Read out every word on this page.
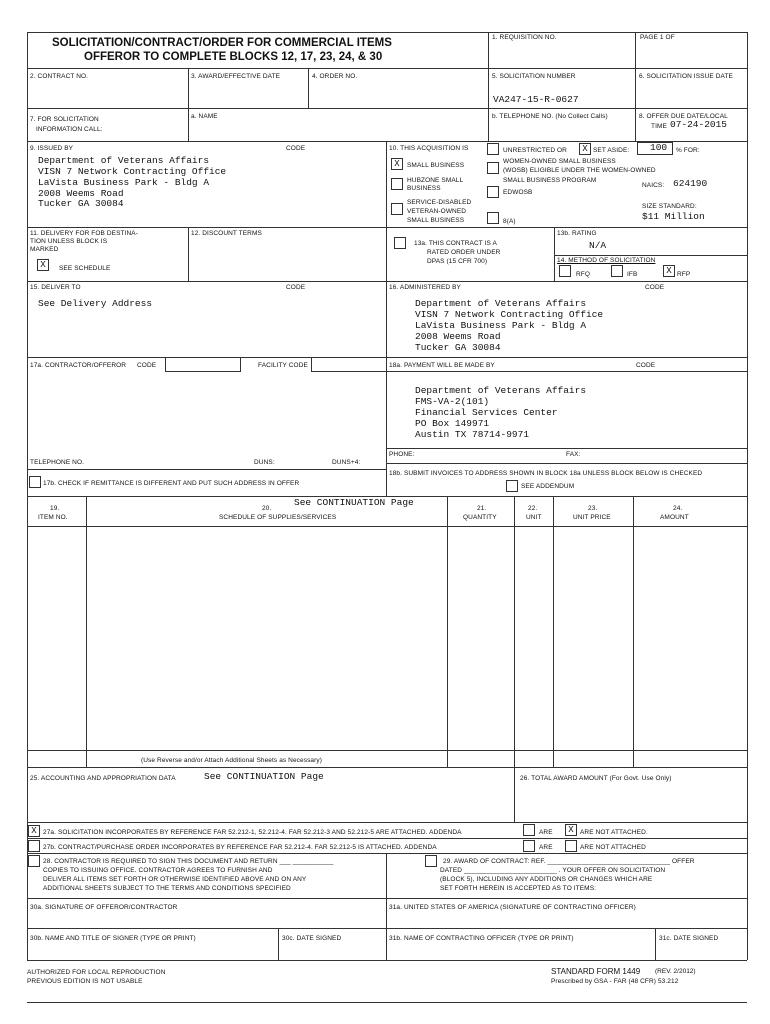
SOLICITATION/CONTRACT/ORDER FOR COMMERCIAL ITEMS
OFFEROR TO COMPLETE BLOCKS 12, 17, 23, 24, & 30
1. REQUISITION NO.	PAGE 1 OF
2. CONTRACT NO.	3. AWARD/EFFECTIVE DATE	4. ORDER NO.	5. SOLICITATION NUMBER	6. SOLICITATION ISSUE DATE
VA247-15-R-0627
7. FOR SOLICITATION
INFORMATION CALL:
a. NAME	b. TELEPHONE NO. (No Collect Calls)	8. OFFER DUE DATE/LOCAL
TIME 07-24-2015
9. ISSUED BY	CODE
Department of Veterans Affairs
VISN 7 Network Contracting Office
LaVista Business Park - Bldg A
2008 Weems Road
Tucker GA 30084
10. THIS ACQUISITION IS	UNRESTRICTED OR	X SET ASIDE: 100 % FOR:
X	SMALL BUSINESS
HUBZONE SMALL
BUSINESS
SERVICE-DISABLED
VETERAN-OWNED
SMALL BUSINESS
WOMEN-OWNED SMALL BUSINESS
(WOSB) ELIGIBLE UNDER THE WOMEN-OWNED
SMALL BUSINESS PROGRAM
EDWOSB
8(A)
NAICS: 624190
SIZE STANDARD:
$11 Million
11. DELIVERY FOR FOB DESTINA-
TION UNLESS BLOCK IS
MARKED
X	SEE SCHEDULE
12. DISCOUNT TERMS
13a. THIS CONTRACT IS A
RATED ORDER UNDER
DPAS (15 CFR 700)
13b. RATING
N/A
14. METHOD OF SOLICITATION
RFQ	IFB	X RFP
15. DELIVER TO	CODE
See Delivery Address
16. ADMINISTERED BY	CODE
Department of Veterans Affairs
VISN 7 Network Contracting Office
LaVista Business Park - Bldg A
2008 Weems Road
Tucker GA 30084
17a. CONTRACTOR/OFFEROR CODE	FACILITY CODE
TELEPHONE NO.	DUNS:	DUNS+4:
17b. CHECK IF REMITTANCE IS DIFFERENT AND PUT SUCH ADDRESS IN OFFER
18a. PAYMENT WILL BE MADE BY	CODE
Department of Veterans Affairs
FMS-VA-2(101)
Financial Services Center
PO Box 149971
Austin TX 78714-9971
PHONE:	FAX:
18b. SUBMIT INVOICES TO ADDRESS SHOWN IN BLOCK 18a UNLESS BLOCK BELOW IS CHECKED
SEE ADDENDUM
19.
ITEM NO.
20.
SCHEDULE OF SUPPLIES/SERVICES
See CONTINUATION Page
21.
QUANTITY
22.
UNIT
23.
UNIT PRICE
24.
AMOUNT
(Use Reverse and/or Attach Additional Sheets as Necessary)
25. ACCOUNTING AND APPROPRIATION DATA	See CONTINUATION Page	26. TOTAL AWARD AMOUNT (For Govt. Use Only)
X 27a. SOLICITATION INCORPORATES BY REFERENCE FAR 52.212-1, 52.212-4. FAR 52.212-3 AND 52.212-5 ARE ATTACHED. ADDENDA	ARE	X ARE NOT ATTACHED.
27b. CONTRACT/PURCHASE ORDER INCORPORATES BY REFERENCE FAR 52.212-4. FAR 52.212-5 IS ATTACHED. ADDENDA	ARE	ARE NOT ATTACHED
28. CONTRACTOR IS REQUIRED TO SIGN THIS DOCUMENT AND RETURN ___ ___________
COPIES TO ISSUING OFFICE. CONTRACTOR AGREES TO FURNISH AND
DELIVER ALL ITEMS SET FORTH OR OTHERWISE IDENTIFIED ABOVE AND ON ANY
ADDITIONAL SHEETS SUBJECT TO THE TERMS AND CONDITIONS SPECIFIED
29. AWARD OF CONTRACT: REF. _________________________________ OFFER
DATED _________________________ . YOUR OFFER ON SOLICITATION
(BLOCK 5), INCLUDING ANY ADDITIONS OR CHANGES WHICH ARE
SET FORTH HEREIN IS ACCEPTED AS TO ITEMS:
30a. SIGNATURE OF OFFEROR/CONTRACTOR	31a. UNITED STATES OF AMERICA (SIGNATURE OF CONTRACTING OFFICER)
30b. NAME AND TITLE OF SIGNER (TYPE OR PRINT)	30c. DATE SIGNED	31b. NAME OF CONTRACTING OFFICER (TYPE OR PRINT)	31c. DATE SIGNED
AUTHORIZED FOR LOCAL REPRODUCTION
PREVIOUS EDITION IS NOT USABLE
STANDARD FORM 1449 (REV. 2/2012)
Prescribed by GSA - FAR (48 CFR) 53.212
